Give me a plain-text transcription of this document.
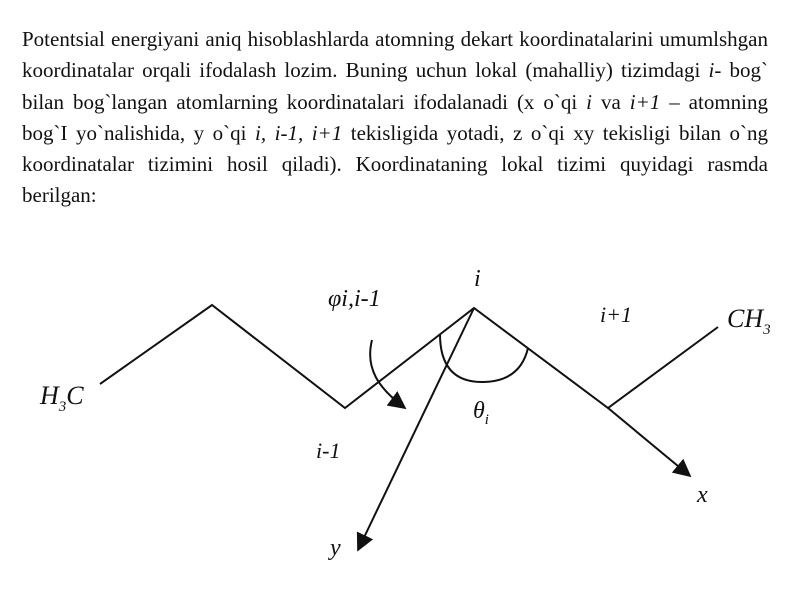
Potentsial energiyani aniq hisoblashlarda atomning dekart koordinatalarini umumlshgan koordinatalar orqali ifodalash lozim. Buning uchun lokal (mahalliy) tizimdagi i- bog` bilan bog`langan atomlarning koordinatalari ifodalanadi (x o`qi i va i+1 – atomning bog`I yo`nalishida, y o`qi i, i-1, i+1 tekisligida yotadi, z o`qi xy tekisligi bilan o`ng koordinatalar tizimini hosil qiladi). Koordinataning lokal tizimi quyidagi rasmda berilgan:

$H_3C$
$CH_3$
φi,i-1
i
i+1
i-1
$\theta_i$
x
y
